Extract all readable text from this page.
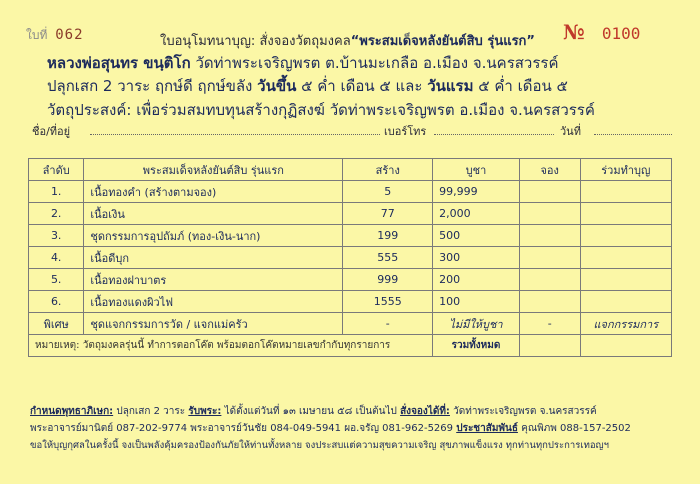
ใบที่ 062	№ 0100
ใบอนุโมทนาบุญ: สั่งจองวัตถุมงคล“พระสมเด็จหลังยันต์สิบ รุ่นแรก”
หลวงพ่อสุนทร ขนฺติโก วัดท่าพระเจริญพรต ต.บ้านมะเกลือ อ.เมือง จ.นครสวรรค์
ปลุกเสก 2 วาระ ฤกษ์ดี ฤกษ์ขลัง วันขึ้น ๕ ค่ำ เดือน ๕ และ วันแรม ๕ ค่ำ เดือน ๕
วัตถุประสงค์: เพื่อร่วมสมทบทุนสร้างกุฏิสงฆ์ วัดท่าพระเจริญพรต อ.เมือง จ.นครสวรรค์
ชื่อ/ที่อยู่	เบอร์โทร	วันที่
ลำดับ	พระสมเด็จหลังยันต์สิบ รุ่นแรก	สร้าง	บูชา	จอง	ร่วมทำบุญ
1.	เนื้อทองคำ (สร้างตามจอง)	5	99,999		
2.	เนื้อเงิน	77	2,000		
3.	ชุดกรรมการอุปถัมภ์ (ทอง-เงิน-นาก)	199	500		
4.	เนื้อดีบุก	555	300		
5.	เนื้อทองฝาบาตร	999	200		
6.	เนื้อทองแดงผิวไฟ	1555	100		
พิเศษ	ชุดแจกกรรมการวัด / แจกแม่ครัว	-	ไม่มีให้บูชา	-	แจกกรรมการ
หมายเหตุ: วัตถุมงคลรุ่นนี้ ทำการตอกโค๊ต พร้อมตอกโค๊ตหมายเลขกำกับทุกรายการ			รวมทั้งหมด		
กำหนดพุทธาภิเษก: ปลุกเสก 2 วาระ รับพระ: ได้ตั้งแต่วันที่ ๑๓ เมษายน ๕๘ เป็นต้นไป สั่งจองได้ที่: วัดท่าพระเจริญพรต จ.นครสวรรค์
พระอาจารย์มานิตย์ 087-202-9774 พระอาจารย์วันชัย 084-049-5941 ผอ.จรัญ 081-962-5269 ประชาสัมพันธ์ คุณพิภพ 088-157-2502
ขอให้บุญกุศลในครั้งนี้ จงเป็นพลังคุ้มครองป้องกันภัยให้ท่านทั้งหลาย จงประสบแต่ความสุขความเจริญ สุขภาพแข็งแรง ทุกท่านทุกประการเทอญฯ
